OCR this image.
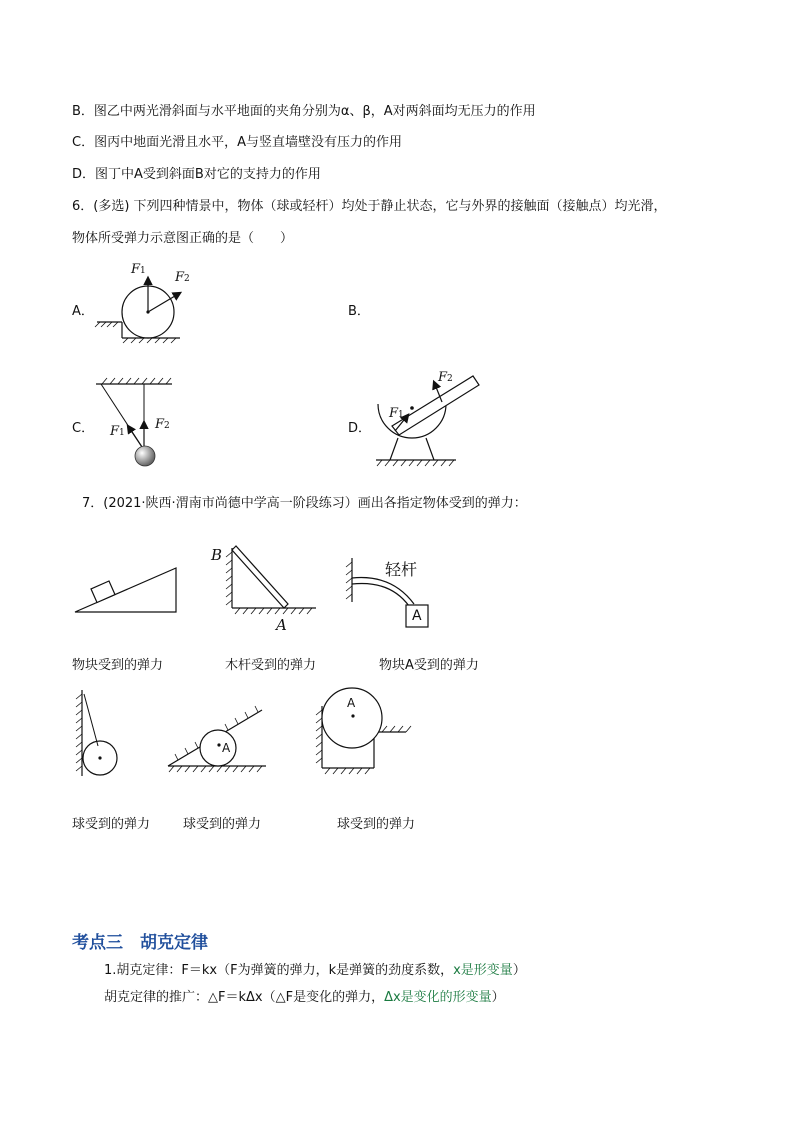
B．图乙中两光滑斜面与水平地面的夹角分别为α、β，A对两斜面均无压力的作用
C．图丙中地面光滑且水平，A与竖直墙壁没有压力的作用
D．图丁中A受到斜面B对它的支持力的作用
6．(多选) 下列四种情景中，物体（球或轻杆）均处于静止状态，它与外界的接触面（接触点）均光滑，
物体所受弹力示意图正确的是（　　）
A．	B．
C．	D．
F1 F2
F1
F2
F1
F2
7．(2021·陕西·渭南市尚德中学高一阶段练习）画出各指定物体受到的弹力：
B
A
轻杆
A
物块受到的弹力	木杆受到的弹力	物块A受到的弹力
A
A
球受到的弹力	球受到的弹力	球受到的弹力
考点三　胡克定律
1.胡克定律：F＝kx（F为弹簧的弹力，k是弹簧的劲度系数，x是形变量）
胡克定律的推广：△F＝kΔx（△F是变化的弹力，Δx是变化的形变量）
